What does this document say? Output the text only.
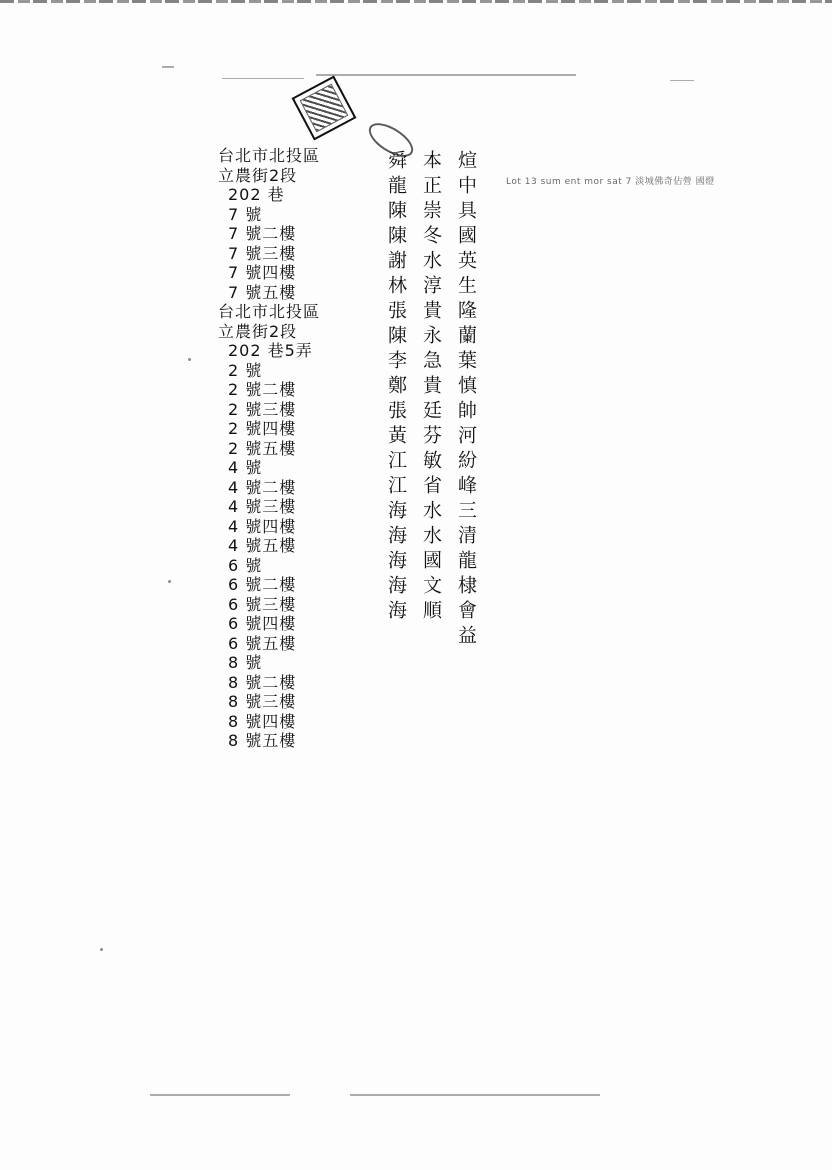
Lot 13 sum ent mor sat 7 淡城佛奇佔營 國燈
台北市北投區
立農街2段
202 巷
7 號
7 號二樓
7 號三樓
7 號四樓
7 號五樓
台北市北投區
立農街2段
202 巷5弄
2 號
2 號二樓
2 號三樓
2 號四樓
2 號五樓
4 號
4 號二樓
4 號三樓
4 號四樓
4 號五樓
6 號
6 號二樓
6 號三樓
6 號四樓
6 號五樓
8 號
8 號二樓
8 號三樓
8 號四樓
8 號五樓
煊中具國英生隆蘭葉慎帥河紛峰三清龍棣會益
本正崇冬水淳貴永急貴廷芬敏省水水國文順
舜龍陳陳謝林張陳李鄭張黃江江海海海海海
